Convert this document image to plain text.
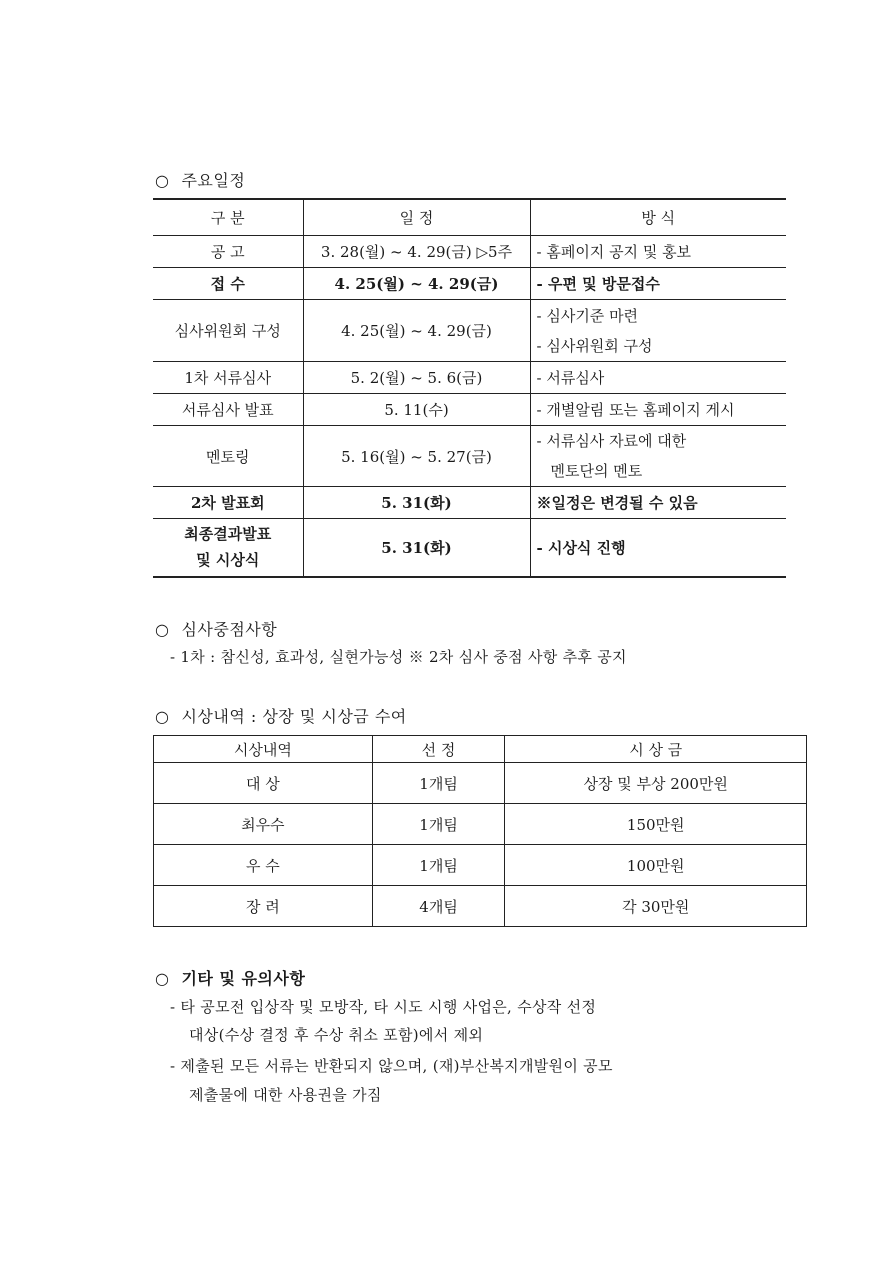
○ 주요일정
구 분	일 정	방 식
공 고	3. 28(월) ~ 4. 29(금) ▷5주	- 홈페이지 공지 및 홍보
접 수	4. 25(월) ~ 4. 29(금)	- 우편 및 방문접수
심사위원회 구성	4. 25(월) ~ 4. 29(금)	- 심사기준 마련
- 심사위원회 구성

1차 서류심사	5. 2(월) ~ 5. 6(금)	- 서류심사
서류심사 발표	5. 11(수)	- 개별알림 또는 홈페이지 게시
멘토링	5. 16(월) ~ 5. 27(금)	- 서류심사 자료에 대한
멘토단의 멘토

2차 발표회	5. 31(화)	※일정은 변경될 수 있음
최종결과발표
및 시상식	5. 31(화)	- 시상식 진행
○ 심사중점사항
- 1차 : 참신성, 효과성, 실현가능성 ※ 2차 심사 중점 사항 추후 공지
○ 시상내역 : 상장 및 시상금 수여
시상내역	선 정	시 상 금
대 상	1개팀	상장 및 부상 200만원
최우수	1개팀	150만원
우 수	1개팀	100만원
장 려	4개팀	각 30만원
○ 기타 및 유의사항
- 타 공모전 입상작 및 모방작, 타 시도 시행 사업은, 수상작 선정
대상(수상 결정 후 수상 취소 포함)에서 제외
- 제출된 모든 서류는 반환되지 않으며, (재)부산복지개발원이 공모
제출물에 대한 사용권을 가짐
